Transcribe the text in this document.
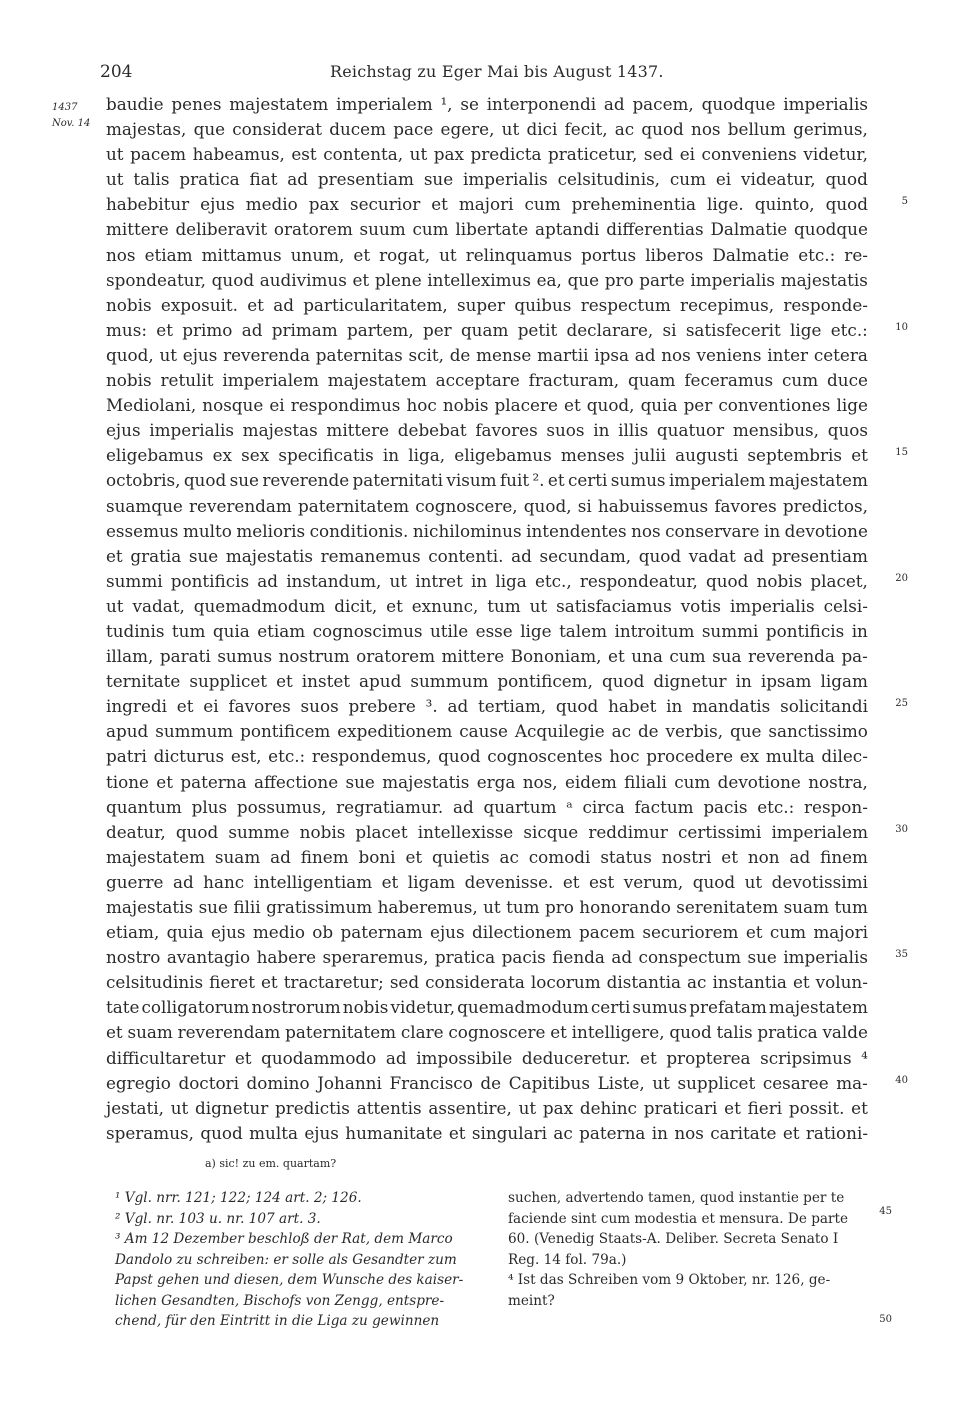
204	Reichstag zu Eger Mai bis August 1437.
1437
Nov. 14
baudie penes majestatem imperialem ¹, se interponendi ad pacem, quodque imperialis
majestas, que considerat ducem pace egere, ut dici fecit, ac quod nos bellum gerimus,
ut pacem habeamus, est contenta, ut pax predicta praticetur, sed ei conveniens videtur,
ut talis pratica fiat ad presentiam sue imperialis celsitudinis, cum ei videatur, quod
habebitur ejus medio pax securior et majori cum preheminentia lige. quinto, quod
mittere deliberavit oratorem suum cum libertate aptandi differentias Dalmatie quodque
nos etiam mittamus unum, et rogat, ut relinquamus portus liberos Dalmatie etc.: re-
spondeatur, quod audivimus et plene intelleximus ea, que pro parte imperialis majestatis
nobis exposuit. et ad particularitatem, super quibus respectum recepimus, responde-
mus: et primo ad primam partem, per quam petit declarare, si satisfecerit lige etc.:
quod, ut ejus reverenda paternitas scit, de mense martii ipsa ad nos veniens inter cetera
nobis retulit imperialem majestatem acceptare fracturam, quam feceramus cum duce
Mediolani, nosque ei respondimus hoc nobis placere et quod, quia per conventiones lige
ejus imperialis majestas mittere debebat favores suos in illis quatuor mensibus, quos
eligebamus ex sex specificatis in liga, eligebamus menses julii augusti septembris et
octobris, quod sue reverende paternitati visum fuit ². et certi sumus imperialem majestatem
suamque reverendam paternitatem cognoscere, quod, si habuissemus favores predictos,
essemus multo melioris conditionis. nichilominus intendentes nos conservare in devotione
et gratia sue majestatis remanemus contenti. ad secundam, quod vadat ad presentiam
summi pontificis ad instandum, ut intret in liga etc., respondeatur, quod nobis placet,
ut vadat, quemadmodum dicit, et exnunc, tum ut satisfaciamus votis imperialis celsi-
tudinis tum quia etiam cognoscimus utile esse lige talem introitum summi pontificis in
illam, parati sumus nostrum oratorem mittere Bononiam, et una cum sua reverenda pa-
ternitate supplicet et instet apud summum pontificem, quod dignetur in ipsam ligam
ingredi et ei favores suos prebere ³. ad tertiam, quod habet in mandatis solicitandi
apud summum pontificem expeditionem cause Acquilegie ac de verbis, que sanctissimo
patri dicturus est, etc.: respondemus, quod cognoscentes hoc procedere ex multa dilec-
tione et paterna affectione sue majestatis erga nos, eidem filiali cum devotione nostra,
quantum plus possumus, regratiamur. ad quartum ᵃ circa factum pacis etc.: respon-
deatur, quod summe nobis placet intellexisse sicque reddimur certissimi imperialem
majestatem suam ad finem boni et quietis ac comodi status nostri et non ad finem
guerre ad hanc intelligentiam et ligam devenisse. et est verum, quod ut devotissimi
majestatis sue filii gratissimum haberemus, ut tum pro honorando serenitatem suam tum
etiam, quia ejus medio ob paternam ejus dilectionem pacem securiorem et cum majori
nostro avantagio habere speraremus, pratica pacis fienda ad conspectum sue imperialis
celsitudinis fieret et tractaretur; sed considerata locorum distantia ac instantia et volun-
tate colligatorum nostrorum nobis videtur, quemadmodum certi sumus prefatam majestatem
et suam reverendam paternitatem clare cognoscere et intelligere, quod talis pratica valde
difficultaretur et quodammodo ad impossibile deduceretur. et propterea scripsimus ⁴
egregio doctori domino Johanni Francisco de Capitibus Liste, ut supplicet cesaree ma-
jestati, ut dignetur predictis attentis assentire, ut pax dehinc praticari et fieri possit. et
speramus, quod multa ejus humanitate et singulari ac paterna in nos caritate et rationi-
5
10
15
20
25
30
35
40
a) sic! zu em. quartam?
¹ Vgl. nrr. 121; 122; 124 art. 2; 126.
² Vgl. nr. 103 u. nr. 107 art. 3.
³ Am 12 Dezember beschloß der Rat, dem Marco
Dandolo zu schreiben: er solle als Gesandter zum
Papst gehen und diesen, dem Wunsche des kaiser-
lichen Gesandten, Bischofs von Zengg, entspre-
chend, für den Eintritt in die Liga zu gewinnen
suchen, advertendo tamen, quod instantie per te
faciende sint cum modestia et mensura. De parte
60. (Venedig Staats-A. Deliber. Secreta Senato I
Reg. 14 fol. 79a.)
⁴ Ist das Schreiben vom 9 Oktober, nr. 126, ge-
meint?
45
50
